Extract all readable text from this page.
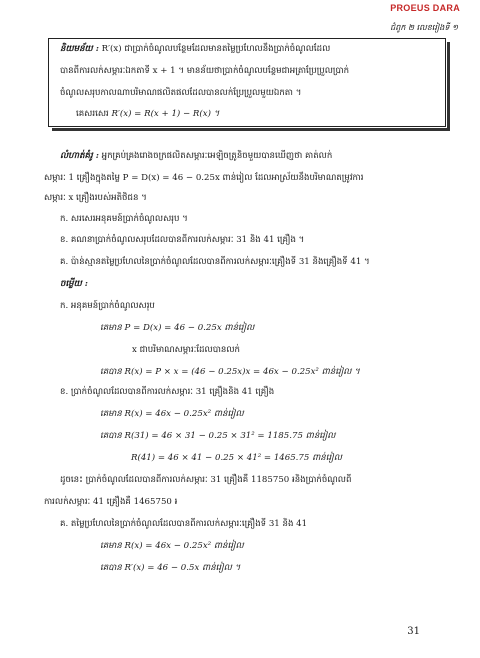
PROEUS DARA
ជំពូក ២ លេខរៀងទី ១
និយមន័យ : R′(x) ជាប្រាក់ចំណូលបន្ថែមដែលមានតម្លៃប្រហែលនឹងប្រាក់ចំណូលដែល
បានពីការលក់សម្ភារៈឯកតាទី x + 1 ។ មានន័យថាប្រាក់ចំណូលបន្ថែមជាអត្រាប្រែប្រួលប្រាក់
ចំណូលសរុបកាលណាបរិមាណផលិតផលដែលបានលក់ប្រែប្រួលមួយឯកតា ។
គេសរសេរ R′(x) = R(x + 1) − R(x) ។
លំហាត់គំរូ : អ្នកគ្រប់គ្រងរោងចក្រផលិតសម្ភារៈអេឡិចត្រូនិចមួយបានឃើញថា គាត់លក់
សម្ភារៈ 1 គ្រឿងក្នុងតម្លៃ P = D(x) = 46 − 0.25x ពាន់រៀល ដែលអាស្រ័យនឹងបរិមាណតម្រូវការ
សម្ភារៈ x គ្រឿងរបស់អតិថិជន ។
ក. សរសេរអនុគមន៍ប្រាក់ចំណូលសរុប ។
ខ. គណនាប្រាក់ចំណូលសរុបដែលបានពីការលក់សម្ភារៈ 31 និង 41 គ្រឿង ។
គ. ប៉ាន់ស្មានតម្លៃប្រហែលនៃប្រាក់ចំណូលដែលបានពីការលក់សម្ភារៈគ្រឿងទី 31 និងគ្រឿងទី 41 ។
ចម្លើយ :
ក. អនុគមន៍ប្រាក់ចំណូលសរុប
គេមាន P = D(x) = 46 − 0.25x ពាន់រៀល
x ជាបរិមាណសម្ភារៈដែលបានលក់
គេបាន R(x) = P × x = (46 − 0.25x)x = 46x − 0.25x² ពាន់រៀល ។
ខ. ប្រាក់ចំណូលដែលបានពីការលក់សម្ភារៈ 31 គ្រឿងនិង 41 គ្រឿង
គេមាន R(x) = 46x − 0.25x² ពាន់រៀល
គេបាន R(31) = 46 × 31 − 0.25 × 31² = 1185.75 ពាន់រៀល
R(41) = 46 × 41 − 0.25 × 41² = 1465.75 ពាន់រៀល
ដូចនេះ ប្រាក់ចំណូលដែលបានពីការលក់សម្ភារៈ 31 គ្រឿងគឺ 1185750 ៛និងប្រាក់ចំណូលពី
ការលក់សម្ភារៈ 41 គ្រឿងគឺ 1465750 ៛
គ. តម្លៃប្រហែលនៃប្រាក់ចំណូលដែលបានពីការលក់សម្ភារៈគ្រឿងទី 31 និង 41
គេមាន R(x) = 46x − 0.25x² ពាន់រៀល
គេបាន R′(x) = 46 − 0.5x ពាន់រៀល ។
31
